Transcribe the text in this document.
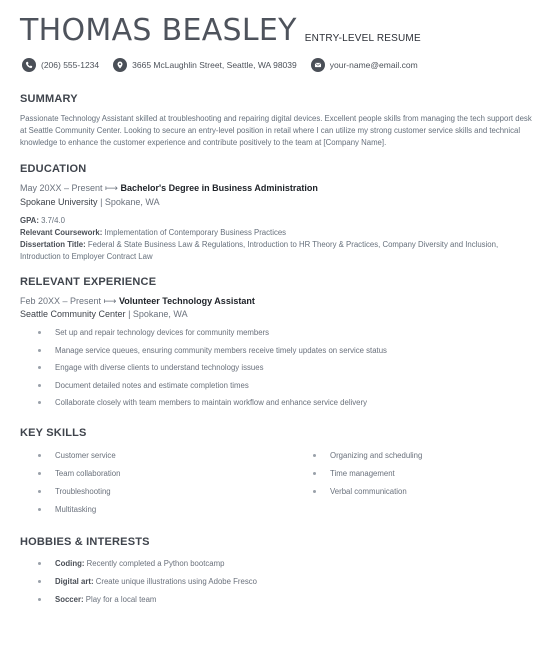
THOMAS BEASLEY ENTRY-LEVEL RESUME
(206) 555-1234	3665 McLaughlin Street, Seattle, WA 98039	your-name@email.com
SUMMARY
Passionate Technology Assistant skilled at troubleshooting and repairing digital devices. Excellent people skills from managing the tech support desk at Seattle Community Center. Looking to secure an entry-level position in retail where I can utilize my strong customer service skills and technical knowledge to enhance the customer experience and contribute positively to the team at [Company Name].
EDUCATION
May 20XX – Present ⟼ Bachelor's Degree in Business Administration
Spokane University | Spokane, WA
GPA: 3.7/4.0
Relevant Coursework: Implementation of Contemporary Business Practices
Dissertation Title: Federal & State Business Law & Regulations, Introduction to HR Theory & Practices, Company Diversity and Inclusion, Introduction to Employer Contract Law
RELEVANT EXPERIENCE
Feb 20XX – Present ⟼ Volunteer Technology Assistant
Seattle Community Center | Spokane, WA
Set up and repair technology devices for community members
Manage service queues, ensuring community members receive timely updates on service status
Engage with diverse clients to understand technology issues
Document detailed notes and estimate completion times
Collaborate closely with team members to maintain workflow and enhance service delivery
KEY SKILLS
Customer service
Team collaboration
Troubleshooting
Multitasking
Organizing and scheduling
Time management
Verbal communication
HOBBIES & INTERESTS
Coding: Recently completed a Python bootcamp
Digital art: Create unique illustrations using Adobe Fresco
Soccer: Play for a local team
